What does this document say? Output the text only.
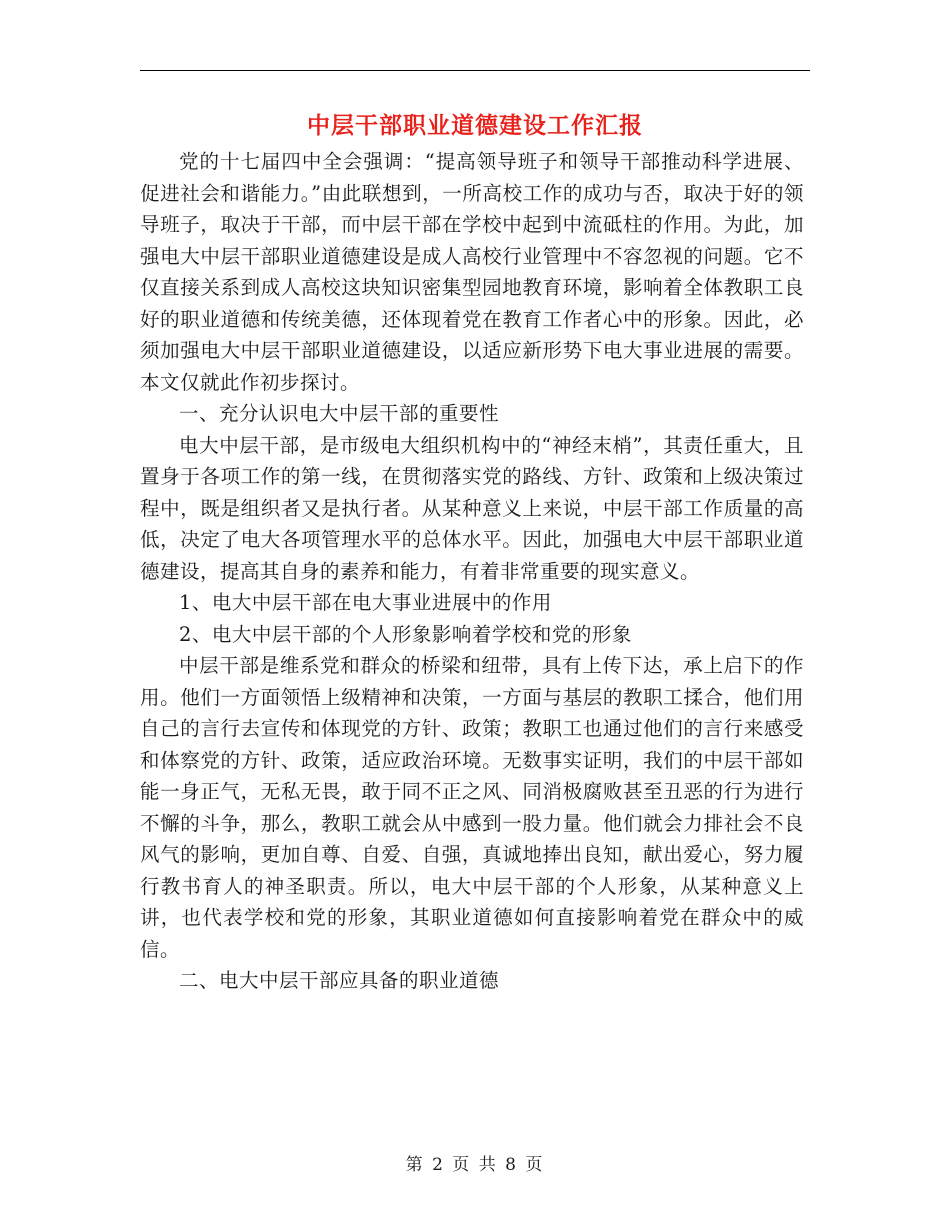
中层干部职业道德建设工作汇报

党的十七届四中全会强调：“提高领导班子和领导干部推动科学进展、促进社会和谐能力。”由此联想到，一所高校工作的成功与否，取决于好的领导班子，取决于干部，而中层干部在学校中起到中流砥柱的作用。为此，加强电大中层干部职业道德建设是成人高校行业管理中不容忽视的问题。它不仅直接关系到成人高校这块知识密集型园地教育环境，影响着全体教职工良好的职业道德和传统美德，还体现着党在教育工作者心中的形象。因此，必须加强电大中层干部职业道德建设，以适应新形势下电大事业进展的需要。本文仅就此作初步探讨。

一、充分认识电大中层干部的重要性

电大中层干部，是市级电大组织机构中的“神经末梢”，其责任重大，且置身于各项工作的第一线，在贯彻落实党的路线、方针、政策和上级决策过程中，既是组织者又是执行者。从某种意义上来说，中层干部工作质量的高低，决定了电大各项管理水平的总体水平。因此，加强电大中层干部职业道德建设，提高其自身的素养和能力，有着非常重要的现实意义。

1、电大中层干部在电大事业进展中的作用

2、电大中层干部的个人形象影响着学校和党的形象

中层干部是维系党和群众的桥梁和纽带，具有上传下达，承上启下的作用。他们一方面领悟上级精神和决策，一方面与基层的教职工揉合，他们用自己的言行去宣传和体现党的方针、政策；教职工也通过他们的言行来感受和体察党的方针、政策，适应政治环境。无数事实证明，我们的中层干部如能一身正气，无私无畏，敢于同不正之风、同消极腐败甚至丑恶的行为进行不懈的斗争，那么，教职工就会从中感到一股力量。他们就会力排社会不良风气的影响，更加自尊、自爱、自强，真诚地捧出良知，献出爱心，努力履行教书育人的神圣职责。所以，电大中层干部的个人形象，从某种意义上讲，也代表学校和党的形象，其职业道德如何直接影响着党在群众中的威信。

二、电大中层干部应具备的职业道德

第 2 页 共 8 页
